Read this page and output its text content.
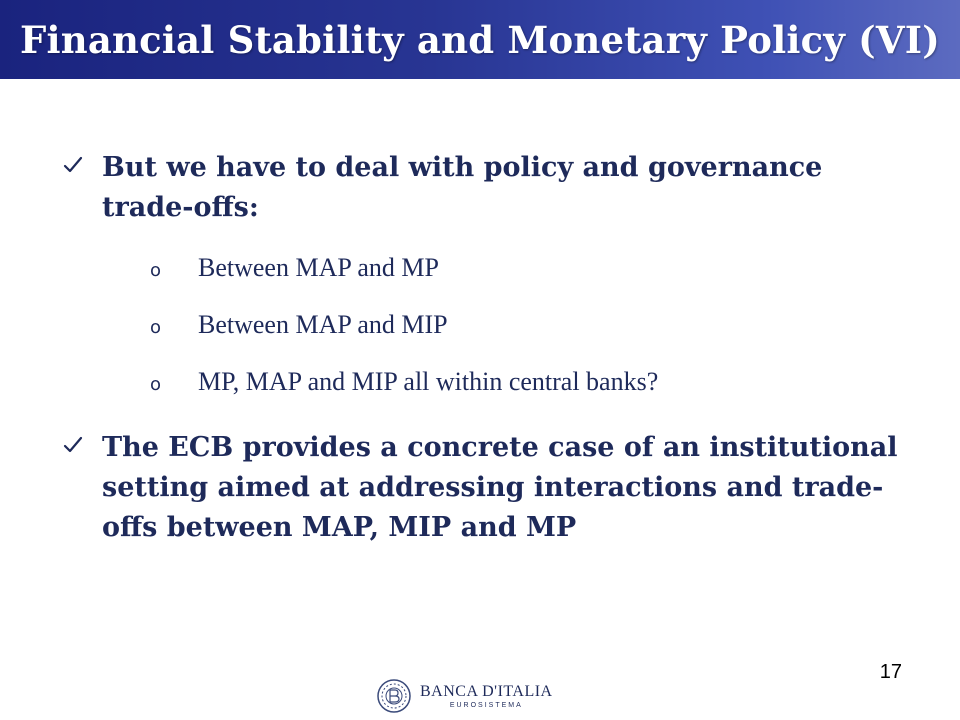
Financial Stability and Monetary Policy (VI)
But we have to deal with policy and governance trade-offs:
o	Between MAP and MP
o	Between MAP and MIP
o	MP, MAP and MIP all within central banks?
The ECB provides a concrete case of an institutional setting aimed at addressing interactions and trade-offs between MAP, MIP and MP
17
BANCA D'ITALIA
EUROSISTEMA
